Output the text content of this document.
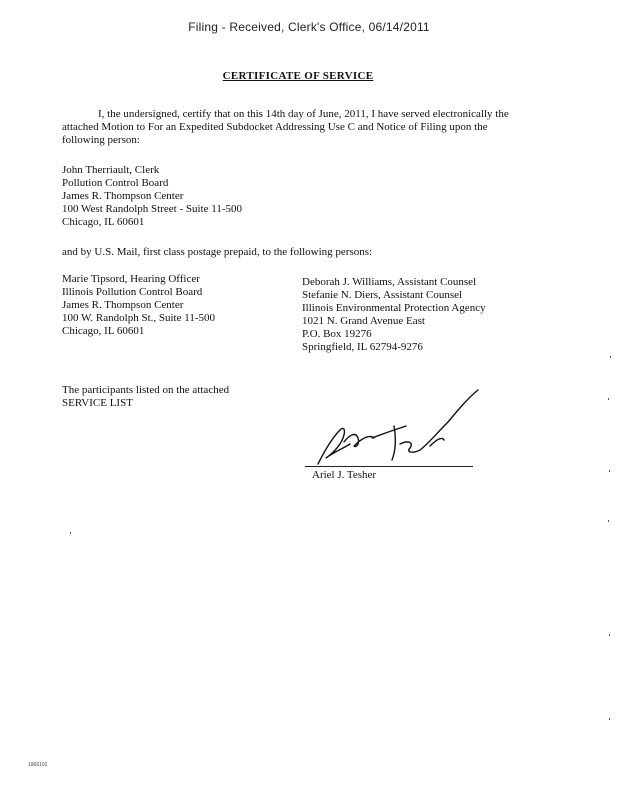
Filing - Received, Clerk's Office, 06/14/2011
CERTIFICATE OF SERVICE
I, the undersigned, certify that on this 14th day of June, 2011, I have served electronically the attached Motion to For an Expedited Subdocket Addressing Use C and Notice of Filing upon the following person:
John Therriault, Clerk
Pollution Control Board
James R. Thompson Center
100 West Randolph Street - Suite 11-500
Chicago, IL 60601
and by U.S. Mail, first class postage prepaid, to the following persons:
Marie Tipsord, Hearing Officer
Illinois Pollution Control Board
James R. Thompson Center
100 W. Randolph St., Suite 11-500
Chicago, IL 60601
Deborah J. Williams, Assistant Counsel
Stefanie N. Diers, Assistant Counsel
Illinois Environmental Protection Agency
1021 N. Grand Avenue East
P.O. Box 19276
Springfield, IL 62794-9276
The participants listed on the attached
SERVICE LIST
Ariel J. Tesher
1966191
